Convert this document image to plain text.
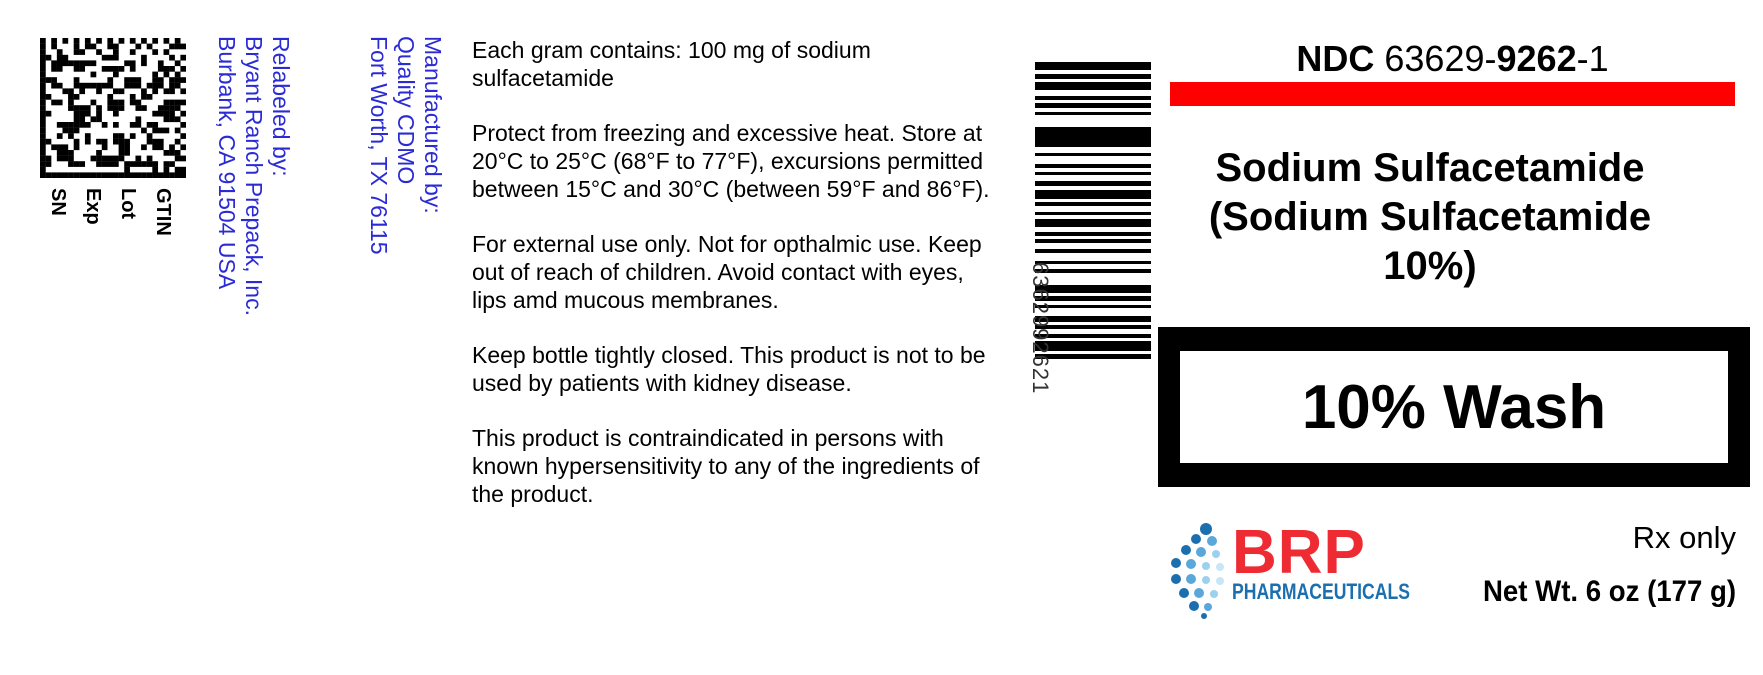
GTIN
Lot
Exp
SN
Relabeled by:
Bryant Ranch Prepack, Inc.
Burbank, CA 91504 USA	Manufactured by:
Quality CDMO
Fort Worth, TX 76115	Each gram contains: 100 mg of sodium sulfacetamide

Protect from freezing and excessive heat. Store at 20°C to 25°C (68°F to 77°F), excursions permitted between 15°C and 30°C (between 59°F and 86°F).

For external use only. Not for opthalmic use. Keep out of reach of children. Avoid contact with eyes, lips amd mucous membranes.

Keep bottle tightly closed. This product is not to be used by patients with kidney disease.

This product is contraindicated in persons with known hypersensitivity to any of the ingredients of the product.

636299262​1
NDC 63629-9262-1
Sodium Sulfacetamide
(Sodium Sulfacetamide
10%)
10% Wash
BRP
PHARMACEUTICALS
Rx only
Net Wt. 6 oz (177 g)
